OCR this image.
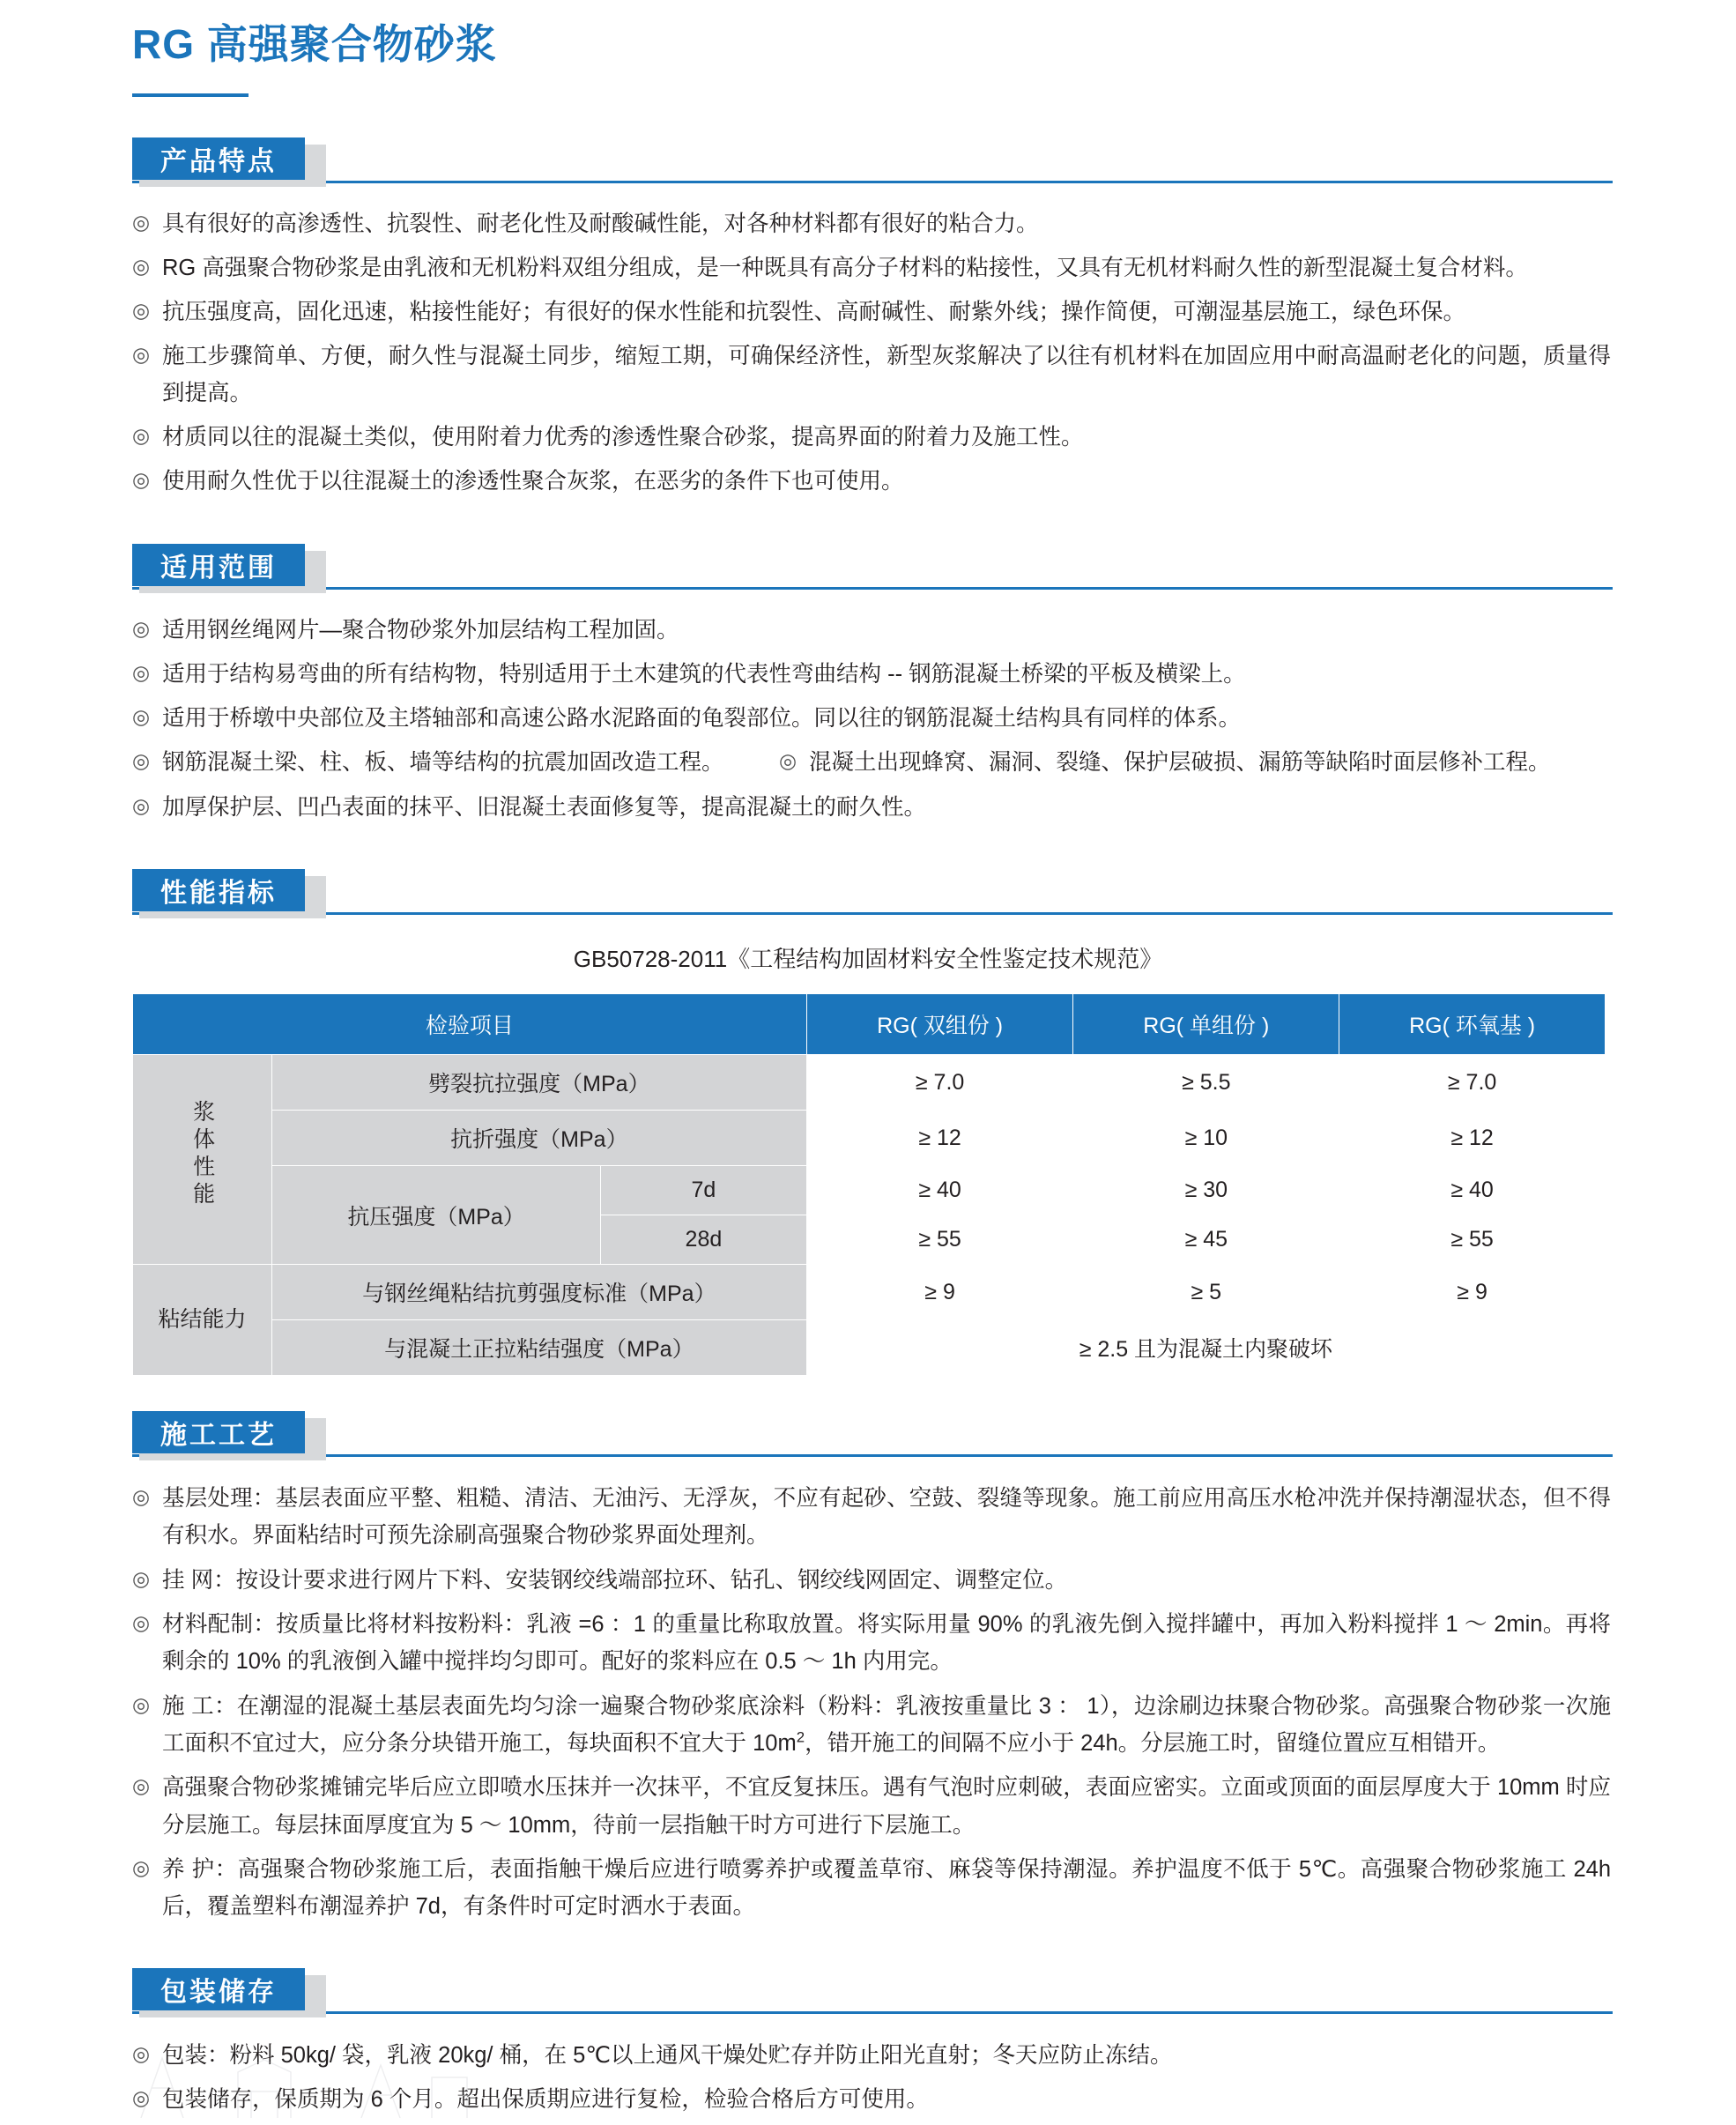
RG 高强聚合物砂浆
产品特点
◎ 具有很好的高渗透性、抗裂性、耐老化性及耐酸碱性能，对各种材料都有很好的粘合力。
◎ RG 高强聚合物砂浆是由乳液和无机粉料双组分组成，是一种既具有高分子材料的粘接性，又具有无机材料耐久性的新型混凝土复合材料。
◎ 抗压强度高，固化迅速，粘接性能好；有很好的保水性能和抗裂性、高耐碱性、耐紫外线；操作简便，可潮湿基层施工，绿色环保。
◎ 施工步骤简单、方便，耐久性与混凝土同步，缩短工期，可确保经济性，新型灰浆解决了以往有机材料在加固应用中耐高温耐老化的问题，质量得到提高。
◎ 材质同以往的混凝土类似，使用附着力优秀的渗透性聚合砂浆，提高界面的附着力及施工性。
◎ 使用耐久性优于以往混凝土的渗透性聚合灰浆，在恶劣的条件下也可使用。
适用范围
◎ 适用钢丝绳网片—聚合物砂浆外加层结构工程加固。
◎ 适用于结构易弯曲的所有结构物，特别适用于土木建筑的代表性弯曲结构 -- 钢筋混凝土桥梁的平板及横梁上。
◎ 适用于桥墩中央部位及主塔轴部和高速公路水泥路面的龟裂部位。同以往的钢筋混凝土结构具有同样的体系。
◎ 钢筋混凝土梁、柱、板、墙等结构的抗震加固改造工程。	◎ 混凝土出现蜂窝、漏洞、裂缝、保护层破损、漏筋等缺陷时面层修补工程。
◎ 加厚保护层、凹凸表面的抹平、旧混凝土表面修复等，提高混凝土的耐久性。
性能指标
GB50728-2011《工程结构加固材料安全性鉴定技术规范》
检验项目			RG( 双组份 )	RG( 单组份 )	RG( 环氧基 )
浆体性能	劈裂抗拉强度（MPa）		≥ 7.0	≥ 5.5	≥ 7.0
	抗折强度（MPa）		≥ 12	≥ 10	≥ 12
	抗压强度（MPa）	7d	≥ 40	≥ 30	≥ 40
		28d	≥ 55	≥ 45	≥ 55
粘结能力	与钢丝绳粘结抗剪强度标准（MPa）		≥ 9	≥ 5	≥ 9
	与混凝土正拉粘结强度（MPa）		≥ 2.5 且为混凝土内聚破坏		
施工工艺
◎ 基层处理：基层表面应平整、粗糙、清洁、无油污、无浮灰，不应有起砂、空鼓、裂缝等现象。施工前应用高压水枪冲洗并保持潮湿状态，但不得有积水。界面粘结时可预先涂刷高强聚合物砂浆界面处理剂。
◎ 挂 网：按设计要求进行网片下料、安装钢绞线端部拉环、钻孔、钢绞线网固定、调整定位。
◎ 材料配制：按质量比将材料按粉料：乳液 =6 ：1 的重量比称取放置。将实际用量 90% 的乳液先倒入搅拌罐中，再加入粉料搅拌 1 ～ 2min。再将剩余的 10% 的乳液倒入罐中搅拌均匀即可。配好的浆料应在 0.5 ～ 1h 内用完。
◎ 施 工：在潮湿的混凝土基层表面先均匀涂一遍聚合物砂浆底涂料（粉料：乳液按重量比 3 ： 1），边涂刷边抹聚合物砂浆。高强聚合物砂浆一次施工面积不宜过大，应分条分块错开施工，每块面积不宜大于 $10m^2$，错开施工的间隔不应小于 24h。分层施工时，留缝位置应互相错开。
◎ 高强聚合物砂浆摊铺完毕后应立即喷水压抹并一次抹平，不宜反复抹压。遇有气泡时应刺破，表面应密实。立面或顶面的面层厚度大于 10mm 时应分层施工。每层抹面厚度宜为 5 ～ 10mm，待前一层指触干时方可进行下层施工。
◎ 养 护：高强聚合物砂浆施工后，表面指触干燥后应进行喷雾养护或覆盖草帘、麻袋等保持潮湿。养护温度不低于 5℃。高强聚合物砂浆施工 24h 后，覆盖塑料布潮湿养护 7d，有条件时可定时洒水于表面。
包装储存
◎ 包装：粉料 50kg/ 袋，乳液 20kg/ 桶，在 5℃以上通风干燥处贮存并防止阳光直射；冬天应防止冻结。
◎ 包装储存，保质期为 6 个月。超出保质期应进行复检，检验合格后方可使用。
